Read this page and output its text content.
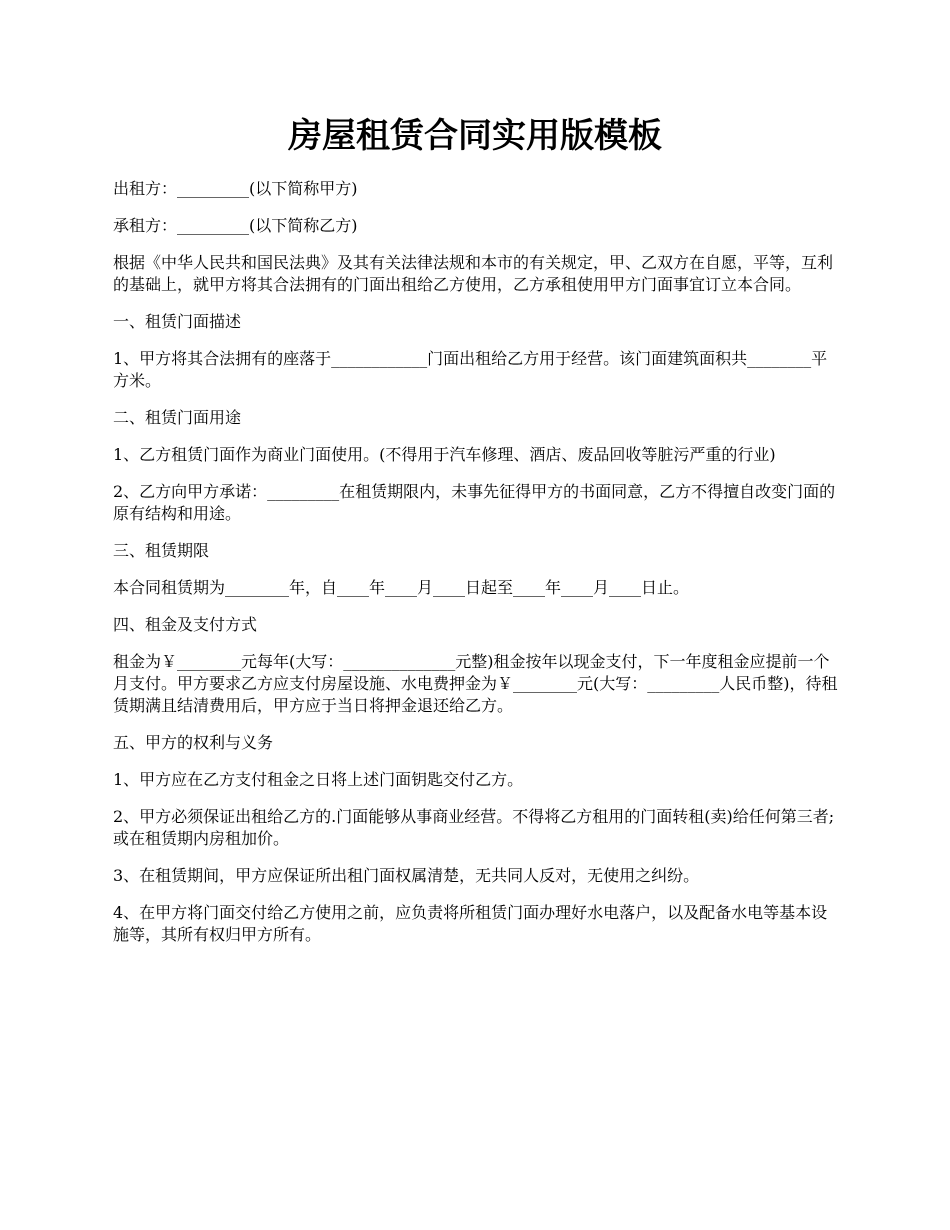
房屋租赁合同实用版模板

出租方：_________(以下简称甲方)

承租方：_________(以下简称乙方)

根据《中华人民共和国民法典》及其有关法律法规和本市的有关规定，甲、乙双方在自愿，平等，互利的基础上，就甲方将其合法拥有的门面出租给乙方使用，乙方承租使用甲方门面事宜订立本合同。

一、租赁门面描述

1、甲方将其合法拥有的座落于____________门面出租给乙方用于经营。该门面建筑面积共________平方米。

二、租赁门面用途

1、乙方租赁门面作为商业门面使用。(不得用于汽车修理、酒店、废品回收等脏污严重的行业)

2、乙方向甲方承诺：_________在租赁期限内，未事先征得甲方的书面同意，乙方不得擅自改变门面的原有结构和用途。

三、租赁期限

本合同租赁期为________年，自____年____月____日起至____年____月____日止。

四、租金及支付方式

租金为￥________元每年(大写：______________元整)租金按年以现金支付，下一年度租金应提前一个月支付。甲方要求乙方应支付房屋设施、水电费押金为￥________元(大写：_________人民币整)，待租赁期满且结清费用后，甲方应于当日将押金退还给乙方。

五、甲方的权利与义务

1、甲方应在乙方支付租金之日将上述门面钥匙交付乙方。

2、甲方必须保证出租给乙方的.门面能够从事商业经营。不得将乙方租用的门面转租(卖)给任何第三者;或在租赁期内房租加价。

3、在租赁期间，甲方应保证所出租门面权属清楚，无共同人反对，无使用之纠纷。

4、在甲方将门面交付给乙方使用之前，应负责将所租赁门面办理好水电落户，以及配备水电等基本设施等，其所有权归甲方所有。
